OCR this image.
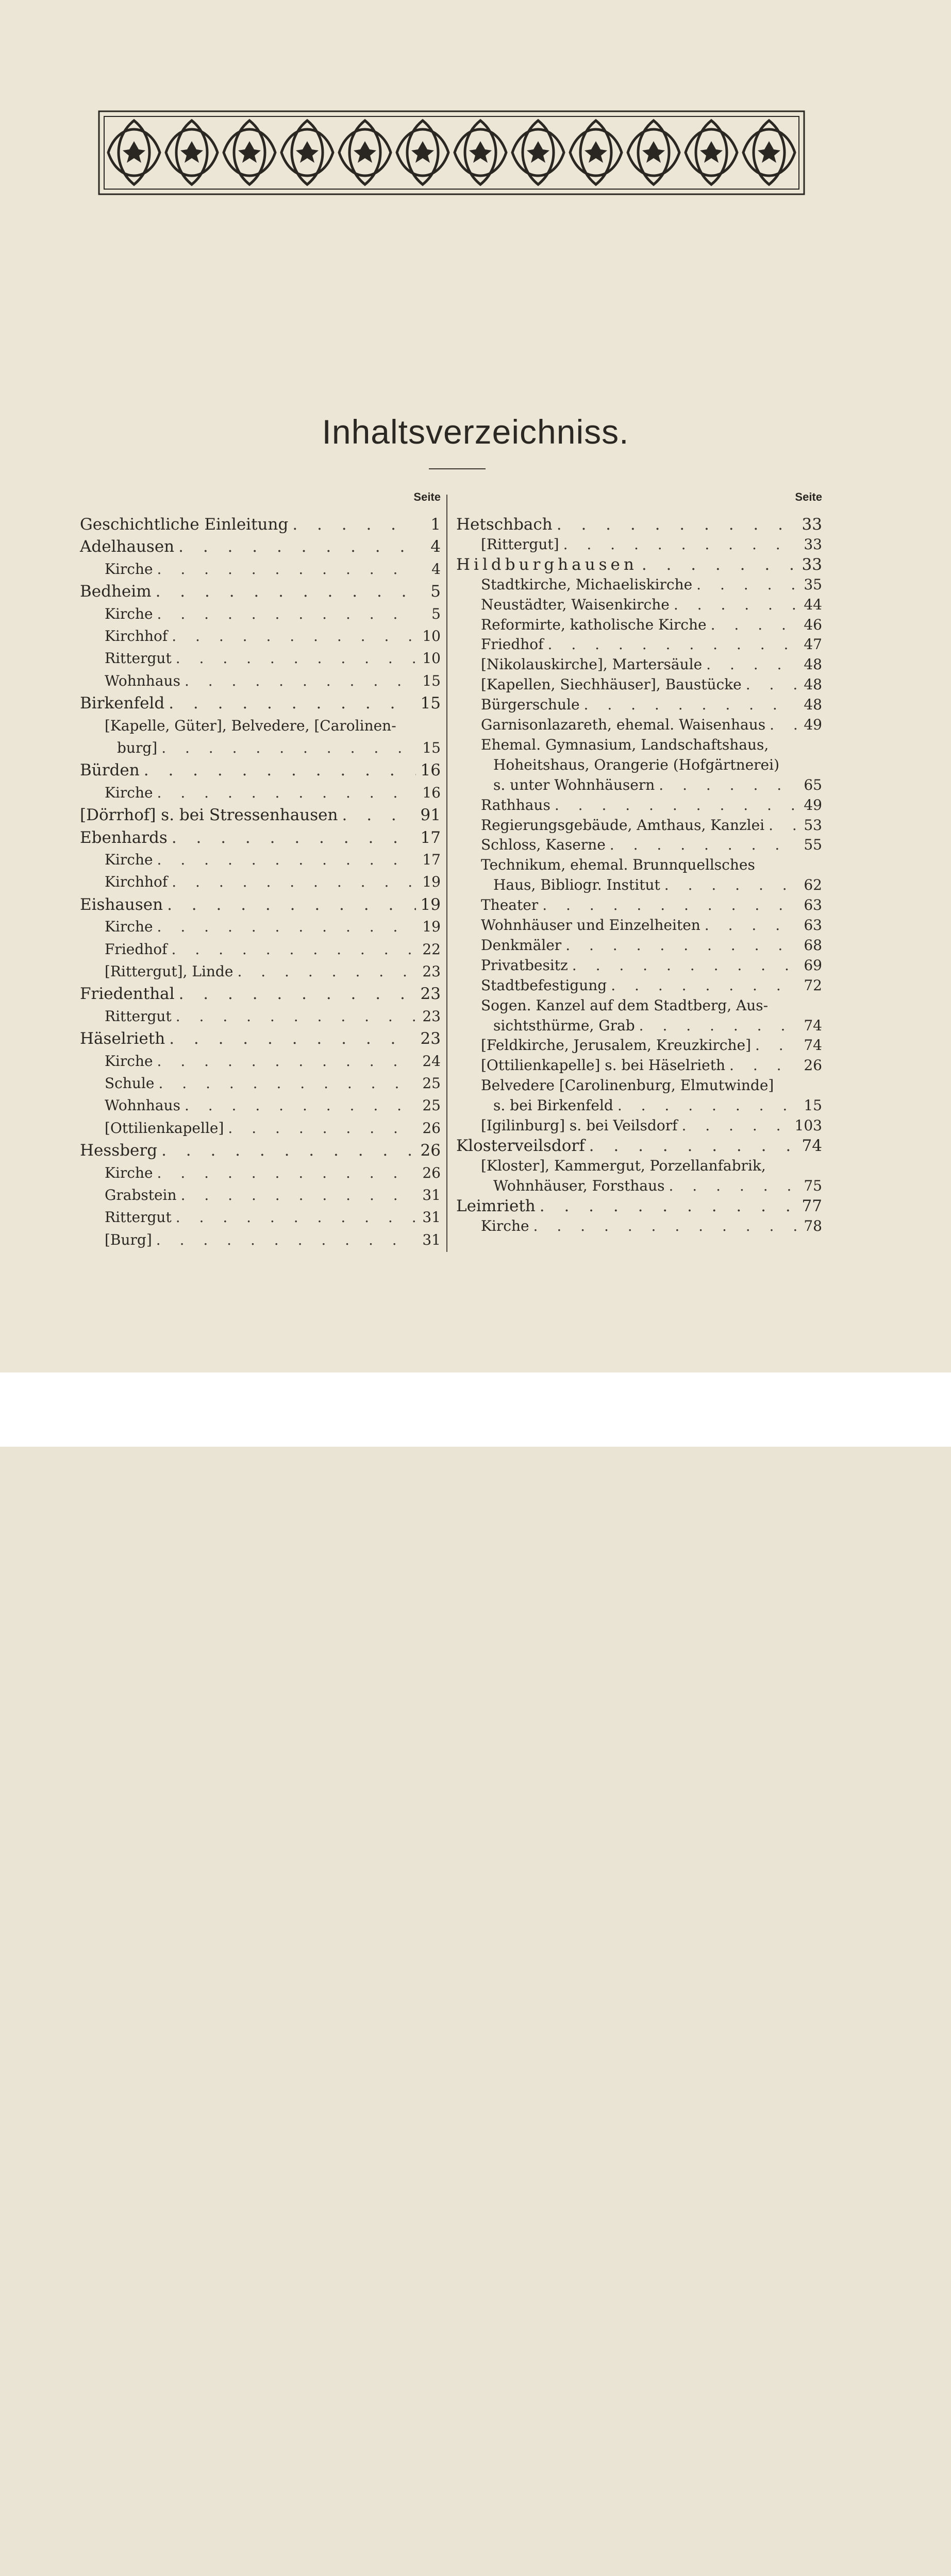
Inhaltsverzeichniss.
Seite
Geschichtliche Einleitung . . .	1
Adelhausen . . .	4
Kirche . . .	4
Bedheim . . .	5
Kirche . . .	5
Kirchhof . . .	10
Rittergut . . .	10
Wohnhaus . . .	15
Birkenfeld . . .	15
[Kapelle, Güter], Belvedere, [Carolinen-
burg] . . .	15
Bürden . . .	16
Kirche . . .	16
[Dörrhof] s. bei Stressenhausen . . .	91
Ebenhards . . .	17
Kirche . . .	17
Kirchhof . . .	19
Eishausen . . .	19
Kirche . . .	19
Friedhof . . .	22
[Rittergut], Linde . . .	23
Friedenthal . . .	23
Rittergut . . .	23
Häselrieth . . .	23
Kirche . . .	24
Schule . . .	25
Wohnhaus . . .	25
[Ottilienkapelle] . . .	26
Hessberg . . .	26
Kirche . . .	26
Grabstein . . .	31
Rittergut . . .	31
[Burg] . . .	31
Seite
Hetschbach . . .	33
[Rittergut] . . .	33
Hildburghausen . . .	33
Stadtkirche, Michaeliskirche . . .	35
Neustädter, Waisenkirche . . .	44
Reformirte, katholische Kirche . . .	46
Friedhof . . .	47
[Nikolauskirche], Martersäule . . .	48
[Kapellen, Siechhäuser], Baustücke . . .	48
Bürgerschule . . .	48
Garnisonlazareth, ehemal. Waisenhaus . . .	49
Ehemal. Gymnasium, Landschaftshaus,
Hoheitshaus, Orangerie (Hofgärtnerei)
s. unter Wohnhäusern . . .	65
Rathhaus . . .	49
Regierungsgebäude, Amthaus, Kanzlei . . .	53
Schloss, Kaserne . . .	55
Technikum, ehemal. Brunnquellsches
Haus, Bibliogr. Institut . . .	62
Theater . . .	63
Wohnhäuser und Einzelheiten . . .	63
Denkmäler . . .	68
Privatbesitz . . .	69
Stadtbefestigung . . .	72
Sogen. Kanzel auf dem Stadtberg, Aus-
sichtsthürme, Grab . . .	74
[Feldkirche, Jerusalem, Kreuzkirche] . . .	74
[Ottilienkapelle] s. bei Häselrieth . . .	26
Belvedere [Carolinenburg, Elmutwinde]
s. bei Birkenfeld . . .	15
[Igilinburg] s. bei Veilsdorf . . .	103
Klosterveilsdorf . . .	74
[Kloster], Kammergut, Porzellanfabrik,
Wohnhäuser, Forsthaus . . .	75
Leimrieth . . .	77
Kirche . . .	78
